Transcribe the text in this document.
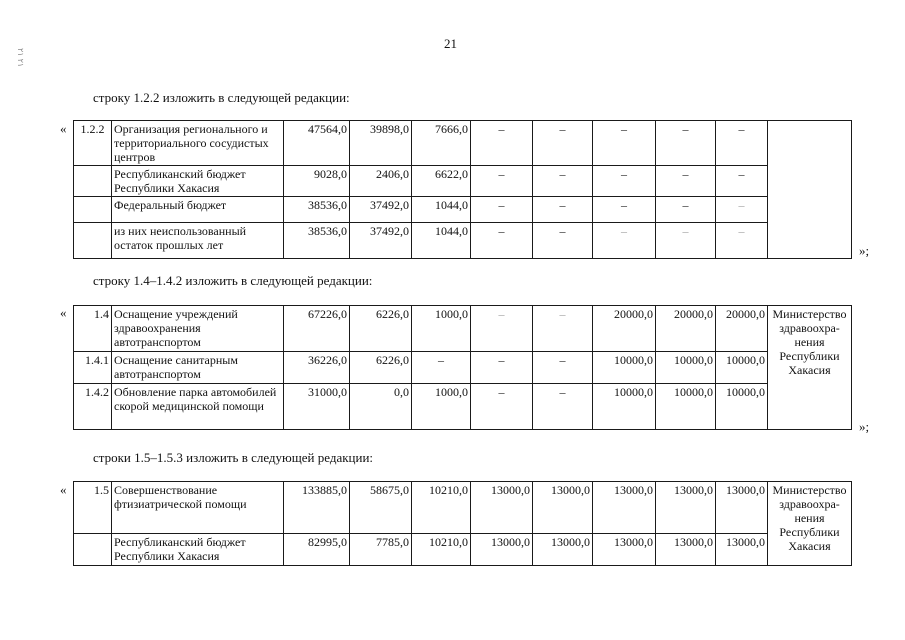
21
۲۱ ۲۱
строку 1.2.2 изложить в следующей редакции:
« 1.2.2	Организация регионального и территориального сосудистых центров	47564,0	39898,0	7666,0	–	–	–	–	–	
	Республиканский бюджет Республики Хакасия	9028,0	2406,0	6622,0	–	–	–	–	–	
	Федеральный бюджет	38536,0	37492,0	1044,0	–	–	–	–	–	
	из них неиспользованный остаток прошлых лет	38536,0	37492,0	1044,0	–	–	–	–	–	
»;
строку 1.4–1.4.2 изложить в следующей редакции:
« 1.4	Оснащение учреждений здравоохранения автотранспортом	67226,0	6226,0	1000,0	–	–	20000,0	20000,0	20000,0	Министерство здравоохра-нения Республики Хакасия
1.4.1	Оснащение санитарным автотранспортом	36226,0	6226,0	–	–	–	10000,0	10000,0	10000,0	
1.4.2	Обновление парка автомобилей скорой медицинской помощи	31000,0	0,0	1000,0	–	–	10000,0	10000,0	10000,0	
»;
строки 1.5–1.5.3 изложить в следующей редакции:
« 1.5	Совершенствование фтизиатрической помощи	133885,0	58675,0	10210,0	13000,0	13000,0	13000,0	13000,0	13000,0	Министерство здравоохра-нения Республики Хакасия
	Республиканский бюджет Республики Хакасия	82995,0	7785,0	10210,0	13000,0	13000,0	13000,0	13000,0	13000,0	
